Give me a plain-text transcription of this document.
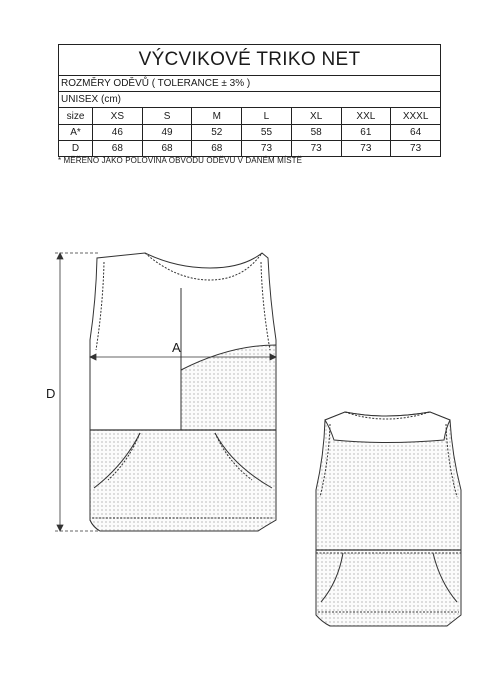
VÝCVIKOVÉ TRIKO NET							
ROZMĚRY ODĚVŮ ( TOLERANCE ± 3% )							
UNISEX (cm)							
size	XS	S	M	L	XL	XXL	XXXL
A*	46	49	52	55	58	61	64
D	68	68	68	73	73	73	73
* MĚŘENO JAKO POLOVINA OBVODU ODĚVU V DANÉM MÍSTĚ
A
D
